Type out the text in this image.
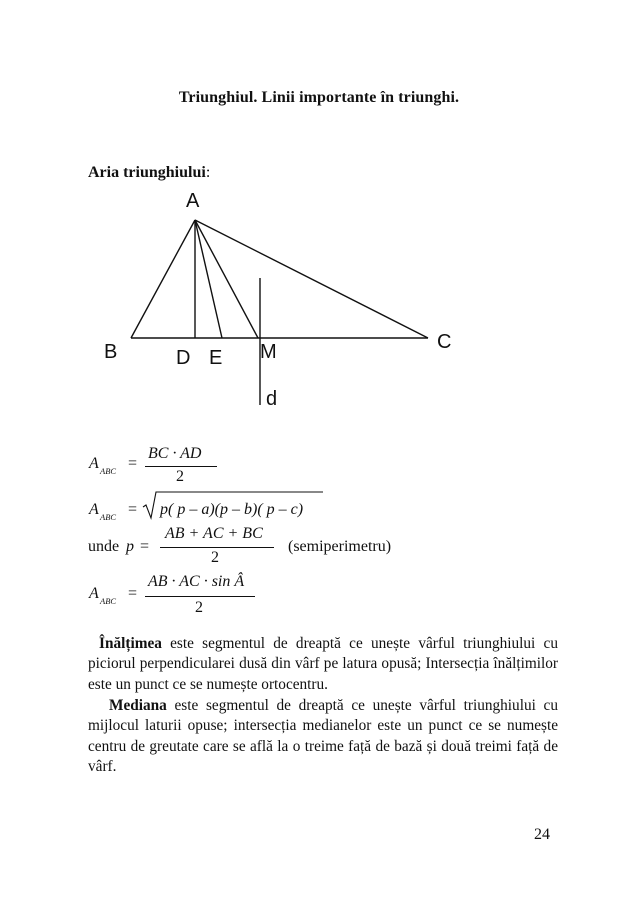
Triunghiul. Linii importante în triunghi.
Aria triunghiului:
A
B	C
D E M
d
A ABC =
BC · AD
2
A ABC = p( p – a)(p – b)( p – c)
unde p =
AB + AC + BC
2
(semiperimetru)
A ABC =
AB · AC · sin Â
2
Înălțimea este segmentul de dreaptă ce unește vârful triunghiului cu piciorul perpendicularei dusă din vârf pe latura opusă; Intersecția înălțimilor este un punct ce se numește ortocentru.
Mediana este segmentul de dreaptă ce unește vârful triunghiului cu mijlocul laturii opuse; intersecția medianelor este un punct ce se numește centru de greutate care se află la o treime față de bază și două treimi față de vârf.
24
